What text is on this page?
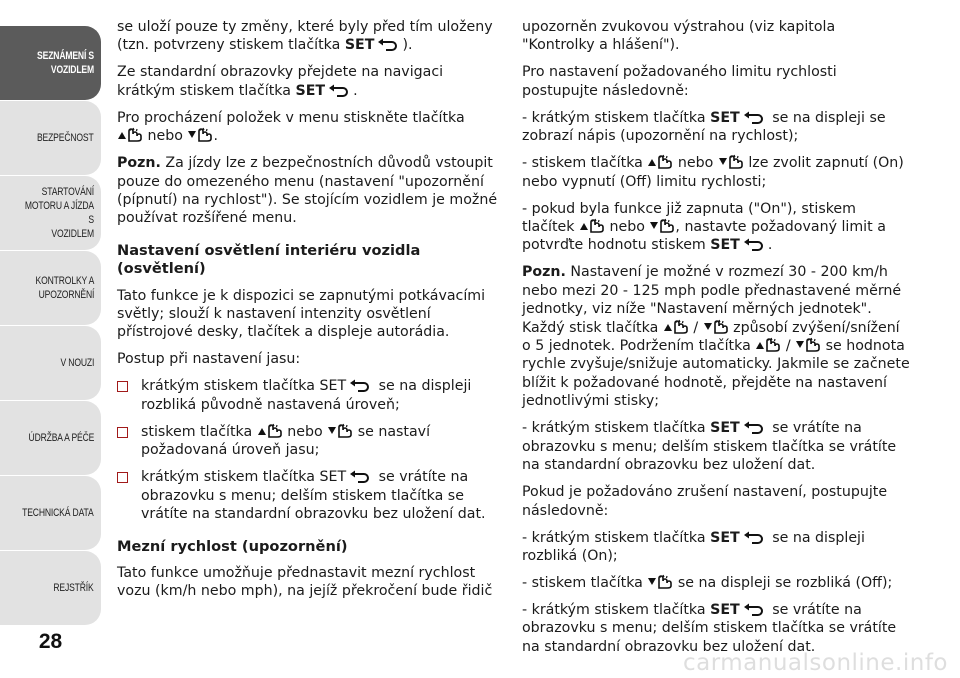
SEZNÁMENÍ S
VOZIDLEM
BEZPEČNOST
STARTOVÁNÍ
MOTORU A JÍZDA S
VOZIDLEM
KONTROLKY A
UPOZORNĚNÍ
V NOUZI
ÚDRŽBA A PÉČE
TECHNICKÁ DATA
REJSTŘÍK
28

se uloží pouze ty změny, které byly před tím uloženy (tzn. potvrzeny stiskem tlačítka SET ).

Ze standardní obrazovky přejdete na navigaci krátkým stiskem tlačítka SET .

Pro procházení položek v menu stiskněte tlačítka
nebo .

Pozn. Za jízdy lze z bezpečnostních důvodů vstoupit pouze do omezeného menu (nastavení "upozornění (pípnutí) na rychlost"). Se stojícím vozidlem je možné používat rozšířené menu.

Nastavení osvětlení interiéru vozidla (osvětlení)

Tato funkce je k dispozici se zapnutými potkávacími světly; slouží k nastavení intenzity osvětlení přístrojové desky, tlačítek a displeje autorádia.

Postup při nastavení jasu:

krátkým stiskem tlačítka SET se na displeji rozbliká původně nastavená úroveň;
stiskem tlačítka nebo se nastaví požadovaná úroveň jasu;
krátkým stiskem tlačítka SET se vrátíte na obrazovku s menu; delším stiskem tlačítka se vrátíte na standardní obrazovku bez uložení dat.
Mezní rychlost (upozornění)

Tato funkce umožňuje přednastavit mezní rychlost vozu (km/h nebo mph), na jejíž překročení bude řidič

upozorněn zvukovou výstrahou (viz kapitola "Kontrolky a hlášení").

Pro nastavení požadovaného limitu rychlosti postupujte následovně:

- krátkým stiskem tlačítka SET se na displeji se zobrazí nápis (upozornění na rychlost);

- stiskem tlačítka nebo lze zvolit zapnutí (On) nebo vypnutí (Off) limitu rychlosti;

- pokud byla funkce již zapnuta ("On"), stiskem tlačítek nebo , nastavte požadovaný limit a potvrďte hodnotu stiskem SET .

Pozn. Nastavení je možné v rozmezí 30 - 200 km/h nebo mezi 20 - 125 mph podle přednastavené měrné jednotky, viz níže "Nastavení měrných jednotek". Každý stisk tlačítka / způsobí zvýšení/snížení o 5 jednotek. Podržením tlačítka / se hodnota rychle zvyšuje/snižuje automaticky. Jakmile se začnete blížit k požadované hodnotě, přejděte na nastavení jednotlivými stisky;

- krátkým stiskem tlačítka SET se vrátíte na obrazovku s menu; delším stiskem tlačítka se vrátíte na standardní obrazovku bez uložení dat.

Pokud je požadováno zrušení nastavení, postupujte následovně:

- krátkým stiskem tlačítka SET se na displeji rozbliká (On);

- stiskem tlačítka se na displeji se rozbliká (Off);

- krátkým stiskem tlačítka SET se vrátíte na obrazovku s menu; delším stiskem tlačítka se vrátíte na standardní obrazovku bez uložení dat.

carmanualsonline.info
